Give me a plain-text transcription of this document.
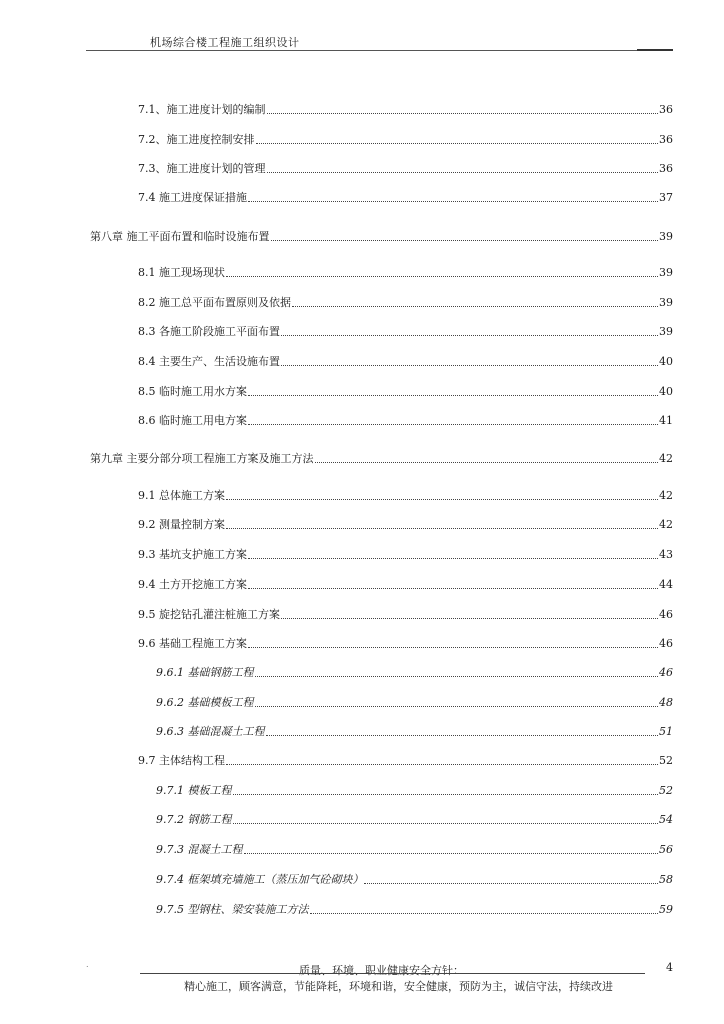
机场综合楼工程施工组织设计
7.1、施工进度计划的编制	36
7.2、施工进度控制安排	36
7.3、施工进度计划的管理	36
7.4 施工进度保证措施	37
第八章 施工平面布置和临时设施布置	39
8.1 施工现场现状	39
8.2 施工总平面布置原则及依据	39
8.3 各施工阶段施工平面布置	39
8.4 主要生产、生活设施布置	40
8.5 临时施工用水方案	40
8.6 临时施工用电方案	41
第九章 主要分部分项工程施工方案及施工方法	42
9.1 总体施工方案	42
9.2 测量控制方案	42
9.3 基坑支护施工方案	43
9.4 土方开挖施工方案	44
9.5 旋挖钻孔灌注桩施工方案	46
9.6 基础工程施工方案	46
9.6.1 基础钢筋工程	46
9.6.2 基础模板工程	48
9.6.3 基础混凝土工程	51
9.7 主体结构工程	52
9.7.1 模板工程	52
9.7.2 钢筋工程	54
9.7.3 混凝土工程	56
9.7.4 框架填充墙施工（蒸压加气砼砌块）	58
9.7.5 型钢柱、梁安装施工方法	59
.	质量、环境、职业健康安全方针：	4
精心施工，顾客满意，节能降耗，环境和谐，安全健康，预防为主，诚信守法，持续改进
